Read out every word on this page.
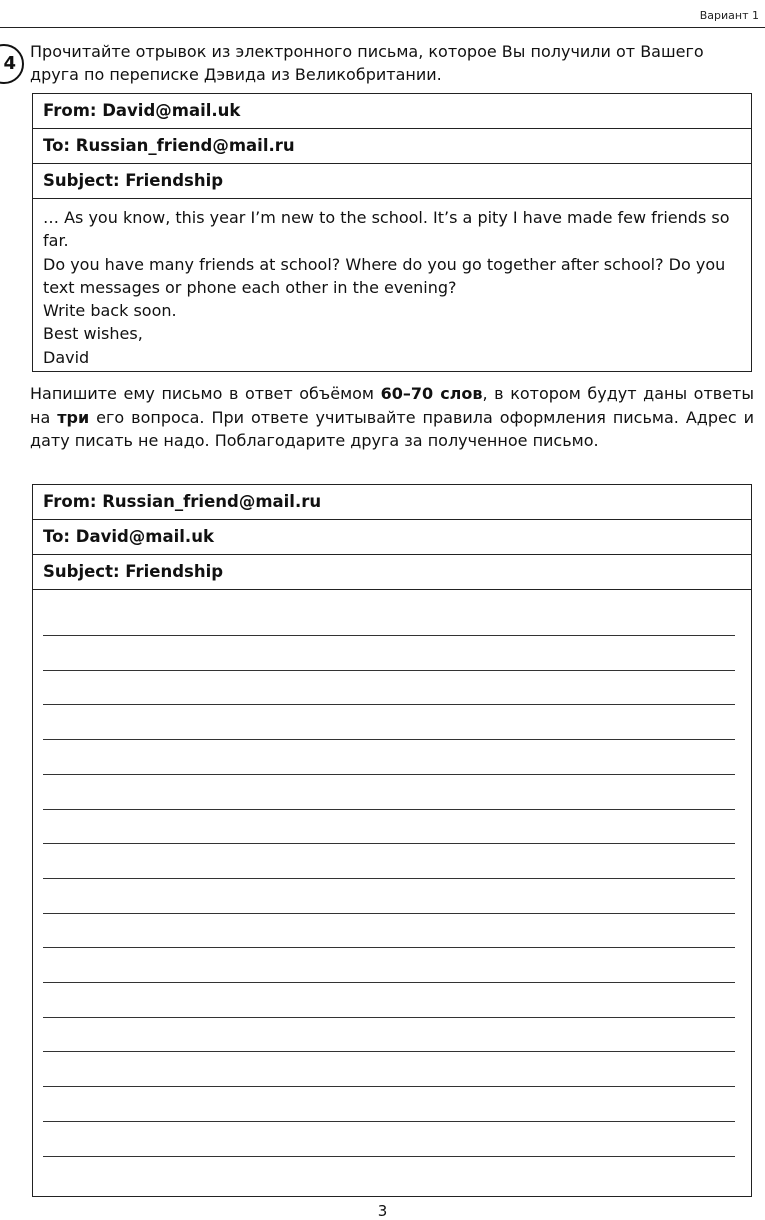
Вариант 1
4

Прочитайте отрывок из электронного письма, которое Вы получили от Вашего друга по переписке Дэвида из Великобритании.

From: David@mail.uk
To: Russian_friend@mail.ru
Subject: Friendship
… As you know, this year I’m new to the school. It’s a pity I have made few friends so far.
Do you have many friends at school? Where do you go together after school? Do you text messages or phone each other in the evening?
Write back soon.
Best wishes,
David

Напишите ему письмо в ответ объёмом 60–70 слов, в котором будут даны ответы на три его вопроса. При ответе учитывайте правила оформления письма. Адрес и дату писать не надо. Поблагодарите друга за полученное письмо.

From: Russian_friend@mail.ru
To: David@mail.uk
Subject: Friendship
3
